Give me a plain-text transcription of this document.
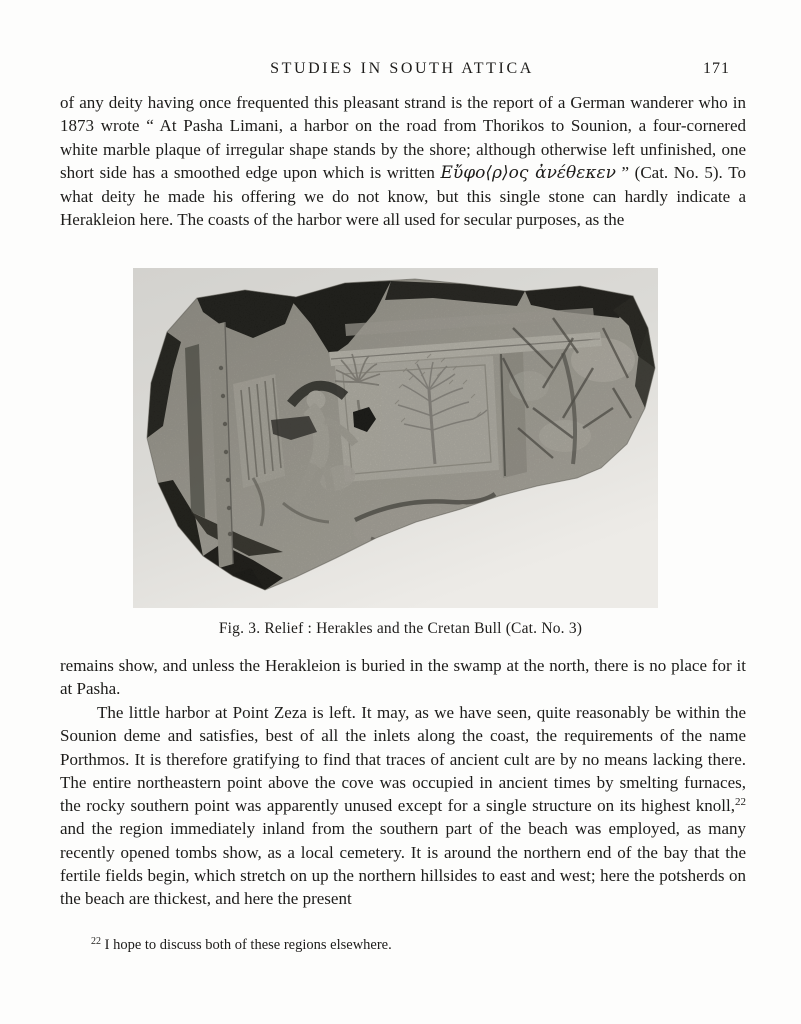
STUDIES IN SOUTH ATTICA	171

of any deity having once frequented this pleasant strand is the report of a German wanderer who in 1873 wrote “ At Pasha Limani, a harbor on the road from Thorikos to Sounion, a four-cornered white marble plaque of irregular shape stands by the shore; although otherwise left unfinished, one short side has a smoothed edge upon which is written Εὔφο⟨ρ⟩ος ἀνέθεκεν ” (Cat. No. 5). To what deity he made his offering we do not know, but this single stone can hardly indicate a Herakleion here. The coasts of the harbor were all used for secular purposes, as the

Fig. 3. Relief : Herakles and the Cretan Bull (Cat. No. 3)

remains show, and unless the Herakleion is buried in the swamp at the north, there is no place for it at Pasha.

The little harbor at Point Zeza is left. It may, as we have seen, quite reasonably be within the Sounion deme and satisfies, best of all the inlets along the coast, the requirements of the name Porthmos. It is therefore gratifying to find that traces of ancient cult are by no means lacking there. The entire northeastern point above the cove was occupied in ancient times by smelting furnaces, the rocky southern point was apparently unused except for a single structure on its highest knoll,$^{22}$ and the region immediately inland from the southern part of the beach was employed, as many recently opened tombs show, as a local cemetery. It is around the northern end of the bay that the fertile fields begin, which stretch on up the northern hillsides to east and west; here the potsherds on the beach are thickest, and here the present

$^{22}$ I hope to discuss both of these regions elsewhere.
